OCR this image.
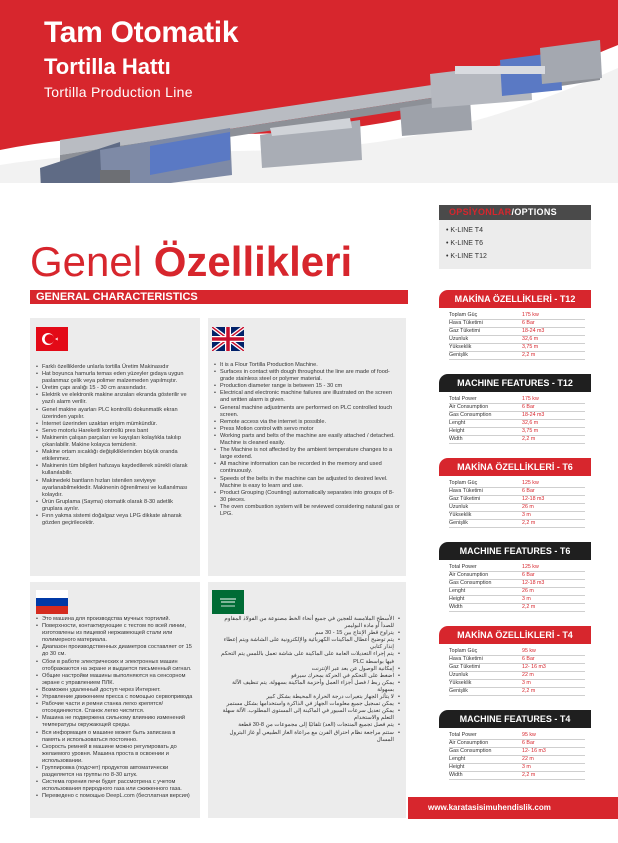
Tam Otomatik
Tortilla Hattı
Tortilla Production Line
Genel Özellikleri
GENERAL CHARACTERISTICS
OPSİYONLAR/OPTIONS
• K-LINE T4
• K-LINE T6
• K-LINE T12
• Farklı özelliklerde unlarla tortilla Üretim Makinasıdır
• Hat boyunca hamurla temas eden yüzeyler gıdaya uygun paslanmaz çelik veya polimer malzemeden yapılmıştır.
• Üretim çapı aralığı 15 - 30 cm arasındadır.
• Elektrik ve elektronik makine arızaları ekranda gösterilir ve yazılı alarm verilir.
• Genel makine ayarları PLC kontrollü dokunmatik ekran üzerinden yapılır.
• İnternet üzerinden uzaktan erişim mümkündür.
• Servo motorlu Hareketli kontrollü pres bant
• Makinenin çalışan parçaları ve kayışları kolaylıkla takılıp çıkarılabilir. Makine kolayca temizlenir.
• Makine ortam sıcaklığı değişikliklerinden büyük oranda etkilenmez.
• Makinenin tüm bilgileri hafızaya kaydedilerek sürekli olarak kullanılabilir.
• Makinedeki bantların hızları istenilen seviyeye ayarlanabilmektedir. Makinenin öğrenilmesi ve kullanılması kolaydır.
• Ürün Gruplama (Sayma) otomatik olarak 8-30 adetlik gruplara ayrılır.
• Fırın yakma sistemi doğalgaz veya LPG dikkate alınarak gözden geçirilecektir.
• It is a Flour Tortilla Production Machine.
• Surfaces in contact with dough throughout the line are made of food-grade stainless steel or polymer material.
• Production diameter range is between 15 - 30 cm
• Electrical and electronic machine failures are illustrated on the screen and written alarm is given.
• General machine adjustments are performed on PLC controlled touch screen.
• Remote access via the internet is possible.
• Press Motion control with servo motor
• Working parts and belts of the machine are easily attached / detached. Machine is cleaned easily.
• The Machine is not affected by the ambient temperature changes to a large extend.
• All machine information can be recorded in the memory and used continuously.
• Speeds of the belts in the machine can be adjusted to desired level. Machine is easy to learn and use.
• Product Grouping (Counting) automatically separates into groups of 8-30 pieces.
• The oven combustion system will be reviewed considering natural gas or LPG.
• Это машина для производства мучных тортилий.
• Поверхности, контактирующие с тестом по всей линии, изготовлены из пищевой нержавеющей стали или полимерного материала.
• Диапазон производственных диаметров составляет от 15 до 30 см.
• Сбои в работе электрических и электронных машин отображаются на экране и выдается письменный сигнал.
• Общие настройки машины выполняются на сенсорном экране с управлением ПЛК.
• Возможен удаленный доступ через Интернет.
• Управление движением пресса с помощью сервопривода
• Рабочие части и ремни станка легко крепятся/отсоединяются. Станок легко чистится.
• Машина не подвержена сильному влиянию изменений температуры окружающей среды.
• Вся информация о машине может быть записана в память и использоваться постоянно.
• Скорость ремней в машине можно регулировать до желаемого уровня. Машина проста в освоении и использовании.
• Группировка (подсчет) продуктов автоматически разделяется на группы по 8-30 штук.
• Система горения печи будет рассмотрена с учетом использования природного газа или сжиженного газа.
• Переведено с помощью DeepL.com (бесплатная версия)
• الأسطح الملامسة للعجين في جميع أنحاء الخط مصنوعة من الفولاذ المقاوم للصدأ أو مادة البوليمر
• يتراوح قطر الإنتاج بين 15 - 30 سم
• يتم توضيح أعطال الماكينات الكهربائية والإلكترونية على الشاشة ويتم إعطاء إنذار كتابي
• يتم إجراء التعديلات العامة على الماكينة على شاشة تعمل باللمس يتم التحكم فيها بواسطة PLC
• إمكانية الوصول عن بعد عبر الإنترنت
• اضغط على التحكم في الحركة بمحرك سيرفو
• يمكن ربط / فصل أجزاء العمل وأحزمة الماكينة بسهولة. يتم تنظيف الآلة بسهولة
• لا يتأثر الجهاز بتغيرات درجة الحرارة المحيطة بشكل كبير
• يمكن تسجيل جميع معلومات الجهاز في الذاكرة واستخدامها بشكل مستمر
• يمكن تعديل سرعات السيور في الماكينة إلى المستوى المطلوب. الآلة سهلة التعلم والاستخدام
• يتم فصل تجميع المنتجات (العد) تلقائيًا إلى مجموعات من 8-30 قطعة
• ستتم مراجعة نظام احتراق الفرن مع مراعاة الغاز الطبيعي أو غاز البترول المسال
MAKİNA ÖZELLİKLERİ - T12
Toplam Güç	175 kw
Hava Tüketimi	6 Bar
Gaz Tüketimi	18-24 m3
Uzunluk	32,6 m
Yükseklik	3,75 m
Genişlik	2,2 m
MACHINE FEATURES - T12
Total Power	175 kw
Air Consumption	6 Bar
Gas Consumption	18-24 m3
Lenght	32,6 m
Height	3,75 m
Width	2,2 m
MAKİNA ÖZELLİKLERİ - T6
Toplam Güç	125 kw
Hava Tüketimi	6 Bar
Gaz Tüketimi	12-18 m3
Uzunluk	26 m
Yükseklik	3 m
Genişlik	2,2 m
MACHINE FEATURES - T6
Total Power	125 kw
Air Consumption	6 Bar
Gas Consumption	12-18 m3
Lenght	26 m
Height	3 m
Width	2,2 m
MAKİNA ÖZELLİKLERİ - T4
Toplam Güç	95 kw
Hava Tüketimi	6 Bar
Gaz Tüketimi	12- 16 m3
Uzunluk	22 m
Yükseklik	3 m
Genişlik	2,2 m
MACHINE FEATURES - T4
Total Power	95 kw
Air Consumption	6 Bar
Gas Consumption	12- 16 m3
Lenght	22 m
Height	3 m
Width	2,2 m
www.karatasisimuhendislik.com
